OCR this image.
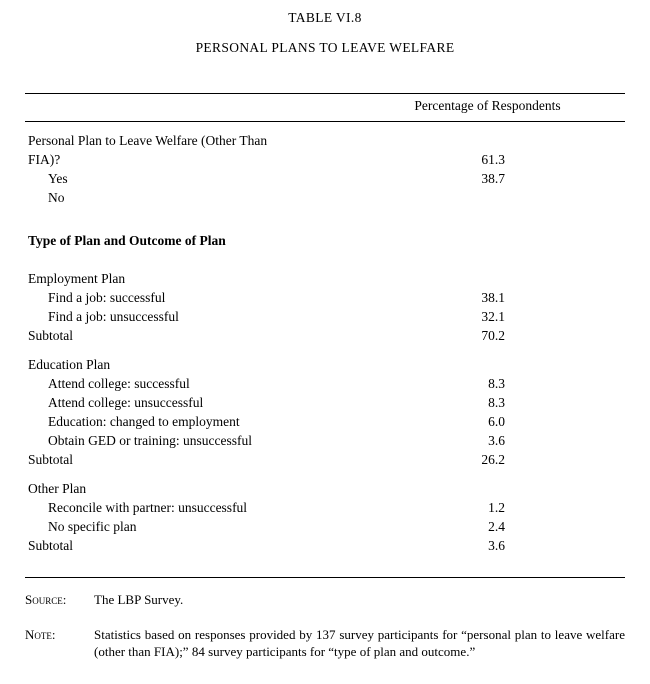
TABLE VI.8
PERSONAL PLANS TO LEAVE WELFARE
Percentage of Respondents
Personal Plan to Leave Welfare (Other Than
FIA)?	61.3
Yes	38.7
No
Type of Plan and Outcome of Plan
Employment Plan
Find a job: successful	38.1
Find a job: unsuccessful	32.1
Subtotal	70.2
Education Plan
Attend college: successful	8.3
Attend college: unsuccessful	8.3
Education: changed to employment	6.0
Obtain GED or training: unsuccessful	3.6
Subtotal	26.2
Other Plan
Reconcile with partner: unsuccessful	1.2
No specific plan	2.4
Subtotal	3.6
Source: The LBP Survey.
Note:	Statistics based on responses provided by 137 survey participants for “personal plan to leave welfare (other than FIA);” 84 survey participants for “type of plan and outcome.”
